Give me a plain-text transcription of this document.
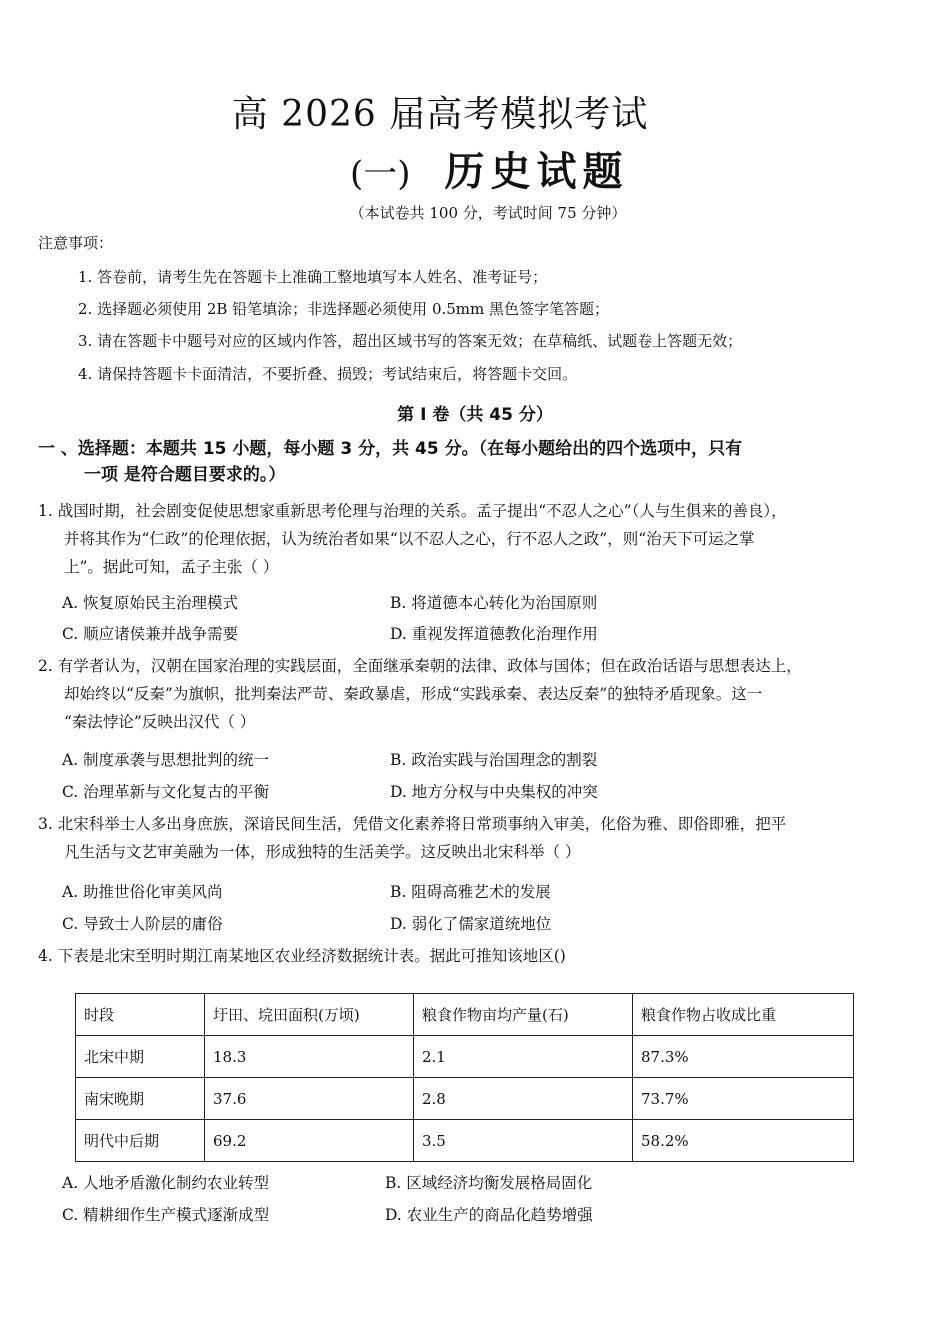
高 2026 届高考模拟考试
(一) 历史试题
（本试卷共 100 分，考试时间 75 分钟）
注意事项：
1. 答卷前，请考生先在答题卡上准确工整地填写本人姓名、准考证号；
2. 选择题必须使用 2B 铅笔填涂；非选择题必须使用 0.5mm 黑色签字笔答题；
3. 请在答题卡中题号对应的区域内作答，超出区域书写的答案无效；在草稿纸、试题卷上答题无效；
4. 请保持答题卡卡面清洁，不要折叠、损毁；考试结束后，将答题卡交回。
第 Ⅰ 卷（共 45 分）
一 、选择题：本题共 15 小题，每小题 3 分，共 45 分。（在每小题给出的四个选项中，只有
一项 是符合题目要求的。）
1. 战国时期，社会剧变促使思想家重新思考伦理与治理的关系。孟子提出“不忍人之心”（人与生俱来的善良），
并将其作为“仁政”的伦理依据，认为统治者如果“以不忍人之心，行不忍人之政”，则“治天下可运之掌
上”。据此可知，孟子主张（ ）
A. 恢复原始民主治理模式	B. 将道德本心转化为治国原则
C. 顺应诸侯兼并战争需要	D. 重视发挥道德教化治理作用
2. 有学者认为，汉朝在国家治理的实践层面，全面继承秦朝的法律、政体与国体；但在政治话语与思想表达上，
却始终以“反秦”为旗帜，批判秦法严苛、秦政暴虐，形成“实践承秦、表达反秦”的独特矛盾现象。这一
“秦法悖论”反映出汉代（ ）
A. 制度承袭与思想批判的统一	B. 政治实践与治国理念的割裂
C. 治理革新与文化复古的平衡	D. 地方分权与中央集权的冲突
3. 北宋科举士人多出身庶族，深谙民间生活，凭借文化素养将日常琐事纳入审美，化俗为雅、即俗即雅，把平
凡生活与文艺审美融为一体，形成独特的生活美学。这反映出北宋科举（ ）
A. 助推世俗化审美风尚	B. 阻碍高雅艺术的发展
C. 导致士人阶层的庸俗	D. 弱化了儒家道统地位
4. 下表是北宋至明时期江南某地区农业经济数据统计表。据此可推知该地区()
时段	圩田、垸田面积(万顷)	粮食作物亩均产量(石)	粮食作物占收成比重
北宋中期	18.3	2.1	87.3%
南宋晚期	37.6	2.8	73.7%
明代中后期	69.2	3.5	58.2%
A. 人地矛盾激化制约农业转型	B. 区域经济均衡发展格局固化
C. 精耕细作生产模式逐渐成型	D. 农业生产的商品化趋势增强
